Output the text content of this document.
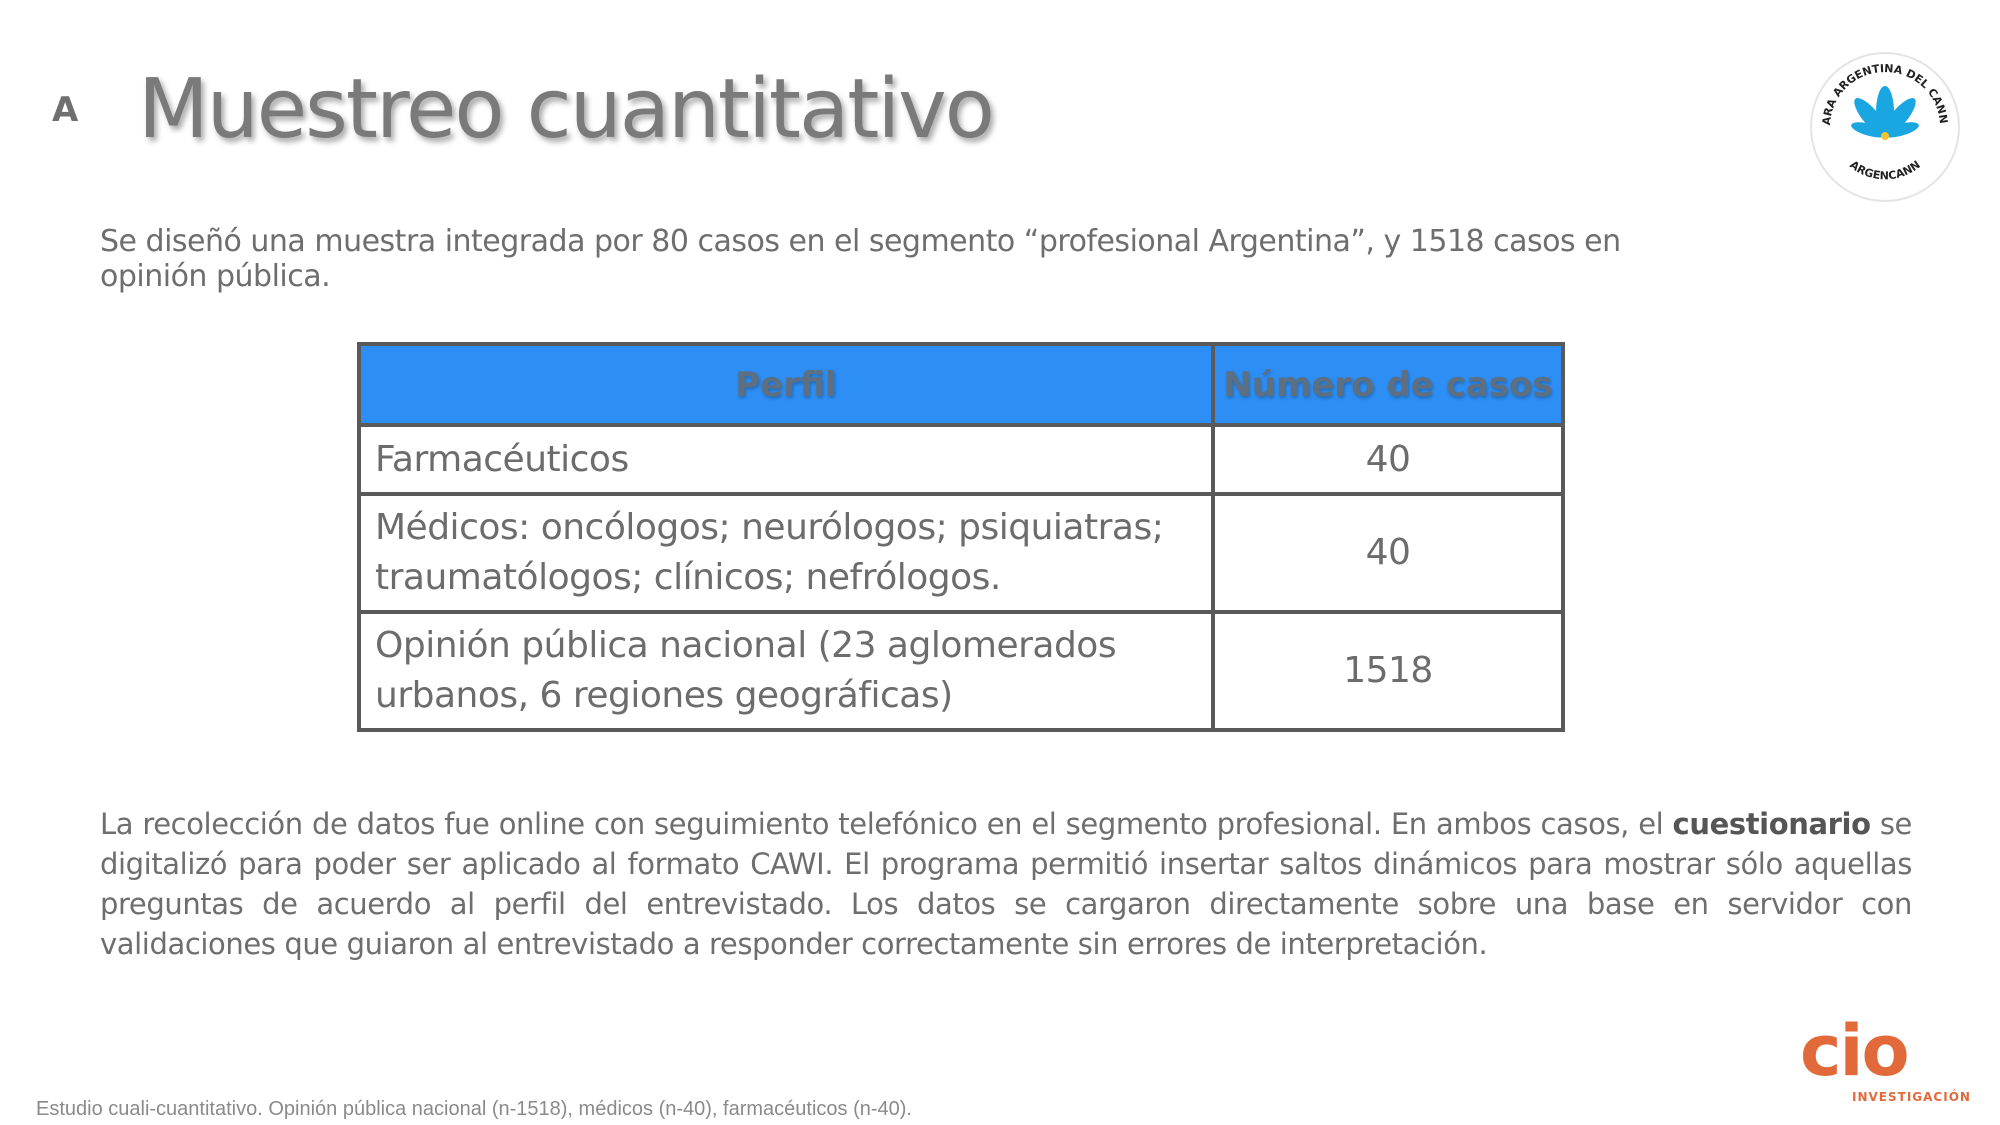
A Muestreo cuantitativo	ARA ARGENTINA DEL CANN
ARGENCANN
Se diseñó una muestra integrada por 80 casos en el segmento “profesional Argentina”, y 1518 casos en opinión pública.
Perfil	Número de casos
Farmacéuticos	40
Médicos: oncólogos; neurólogos; psiquiatras; traumatólogos; clínicos; nefrólogos.	40
Opinión pública nacional (23 aglomerados urbanos, 6 regiones geográficas)	1518
La recolección de datos fue online con seguimiento telefónico en el segmento profesional. En ambos casos, el cuestionario se digitalizó para poder ser aplicado al formato CAWI. El programa permitió insertar saltos dinámicos para mostrar sólo aquellas preguntas de acuerdo al perfil del entrevistado. Los datos se cargaron directamente sobre una base en servidor con validaciones que guiaron al entrevistado a responder correctamente sin errores de interpretación.
Estudio cuali-cuantitativo. Opinión pública nacional (n-1518), médicos (n-40), farmacéuticos (n-40).
cio
INVESTIGACIÓN
